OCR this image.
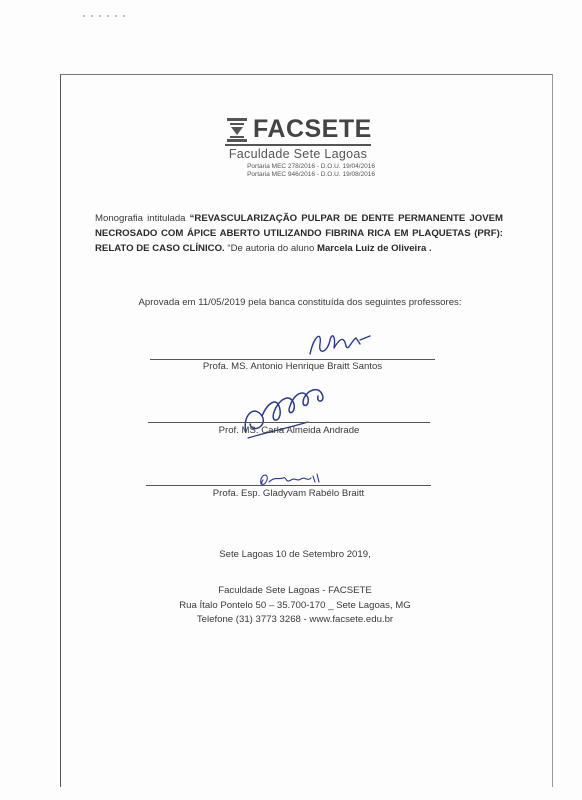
FACSETE
Faculdade Sete Lagoas
Portaria MEC 278/2016 - D.O.U. 19/04/2016
Portaria MEC 946/2016 - D.O.U. 19/08/2016
Monografia intitulada “REVASCULARIZAÇÃO PULPAR DE DENTE PERMANENTE JOVEM NECROSADO COM ÁPICE ABERTO UTILIZANDO FIBRINA RICA EM PLAQUETAS (PRF): RELATO DE CASO CLÍNICO. “De autoria do aluno Marcela Luiz de Oliveira .
Aprovada em 11/05/2019 pela banca constituída dos seguintes professores:
Profa. MS. Antonio Henrique Braitt Santos
Prof. MS. Carla Almeida Andrade
Profa. Esp. Gladyvam Rabélo Braitt
Sete Lagoas 10 de Setembro 2019,
Faculdade Sete Lagoas - FACSETE
Rua Ítalo Pontelo 50 – 35.700-170 _ Sete Lagoas, MG
Telefone (31) 3773 3268 - www.facsete.edu.br
